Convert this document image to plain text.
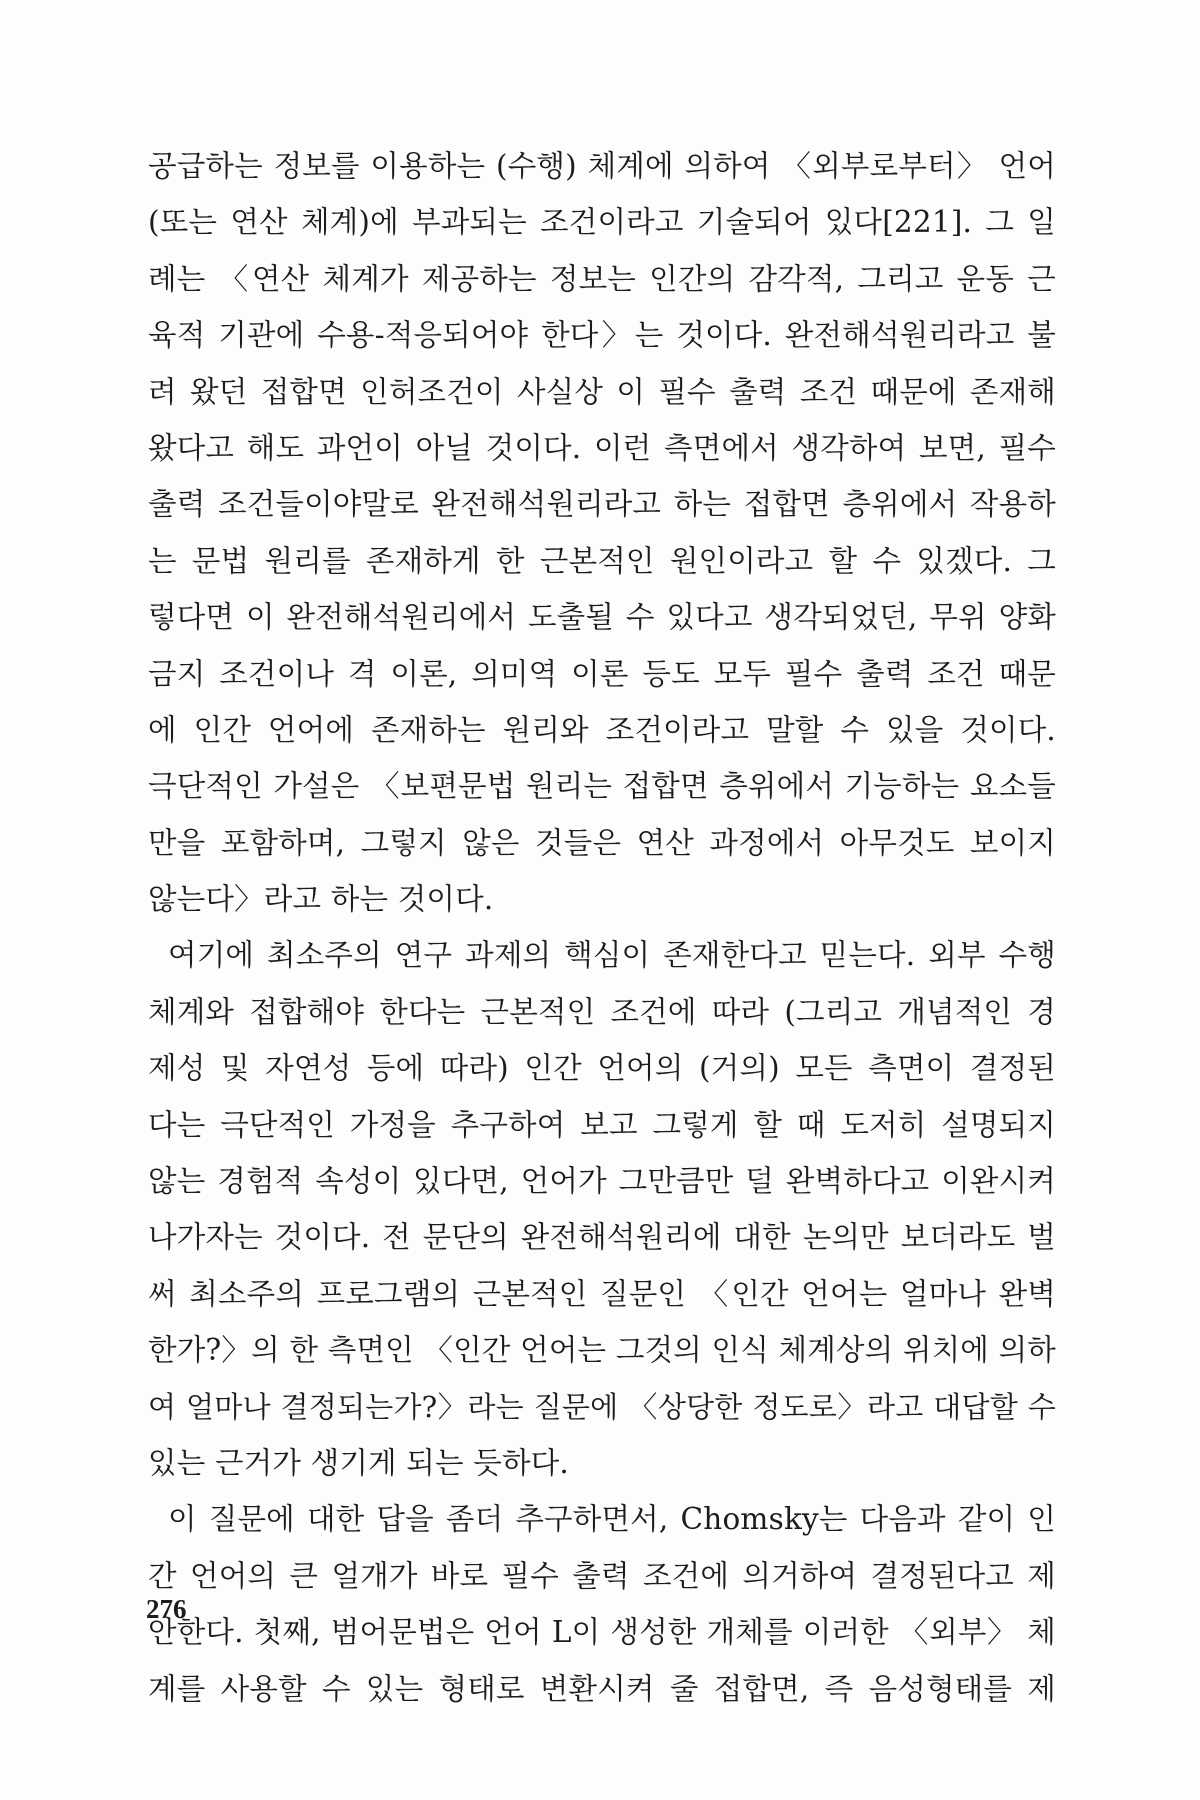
공급하는 정보를 이용하는 (수행) 체계에 의하여 〈외부로부터〉 언어
(또는 연산 체계)에 부과되는 조건이라고 기술되어 있다[221]. 그 일
례는 〈연산 체계가 제공하는 정보는 인간의 감각적, 그리고 운동 근
육적 기관에 수용-적응되어야 한다〉는 것이다. 완전해석원리라고 불
려 왔던 접합면 인허조건이 사실상 이 필수 출력 조건 때문에 존재해
왔다고 해도 과언이 아닐 것이다. 이런 측면에서 생각하여 보면, 필수
출력 조건들이야말로 완전해석원리라고 하는 접합면 층위에서 작용하
는 문법 원리를 존재하게 한 근본적인 원인이라고 할 수 있겠다. 그
렇다면 이 완전해석원리에서 도출될 수 있다고 생각되었던, 무위 양화
금지 조건이나 격 이론, 의미역 이론 등도 모두 필수 출력 조건 때문
에 인간 언어에 존재하는 원리와 조건이라고 말할 수 있을 것이다.
극단적인 가설은 〈보편문법 원리는 접합면 층위에서 기능하는 요소들
만을 포함하며, 그렇지 않은 것들은 연산 과정에서 아무것도 보이지
않는다〉라고 하는 것이다.
여기에 최소주의 연구 과제의 핵심이 존재한다고 믿는다. 외부 수행
체계와 접합해야 한다는 근본적인 조건에 따라 (그리고 개념적인 경
제성 및 자연성 등에 따라) 인간 언어의 (거의) 모든 측면이 결정된
다는 극단적인 가정을 추구하여 보고 그렇게 할 때 도저히 설명되지
않는 경험적 속성이 있다면, 언어가 그만큼만 덜 완벽하다고 이완시켜
나가자는 것이다. 전 문단의 완전해석원리에 대한 논의만 보더라도 벌
써 최소주의 프로그램의 근본적인 질문인 〈인간 언어는 얼마나 완벽
한가?〉의 한 측면인 〈인간 언어는 그것의 인식 체계상의 위치에 의하
여 얼마나 결정되는가?〉라는 질문에 〈상당한 정도로〉라고 대답할 수
있는 근거가 생기게 되는 듯하다.
이 질문에 대한 답을 좀더 추구하면서, Chomsky는 다음과 같이 인
간 언어의 큰 얼개가 바로 필수 출력 조건에 의거하여 결정된다고 제
안한다. 첫째, 범어문법은 언어 L이 생성한 개체를 이러한 〈외부〉 체
계를 사용할 수 있는 형태로 변환시켜 줄 접합면, 즉 음성형태를 제
276
